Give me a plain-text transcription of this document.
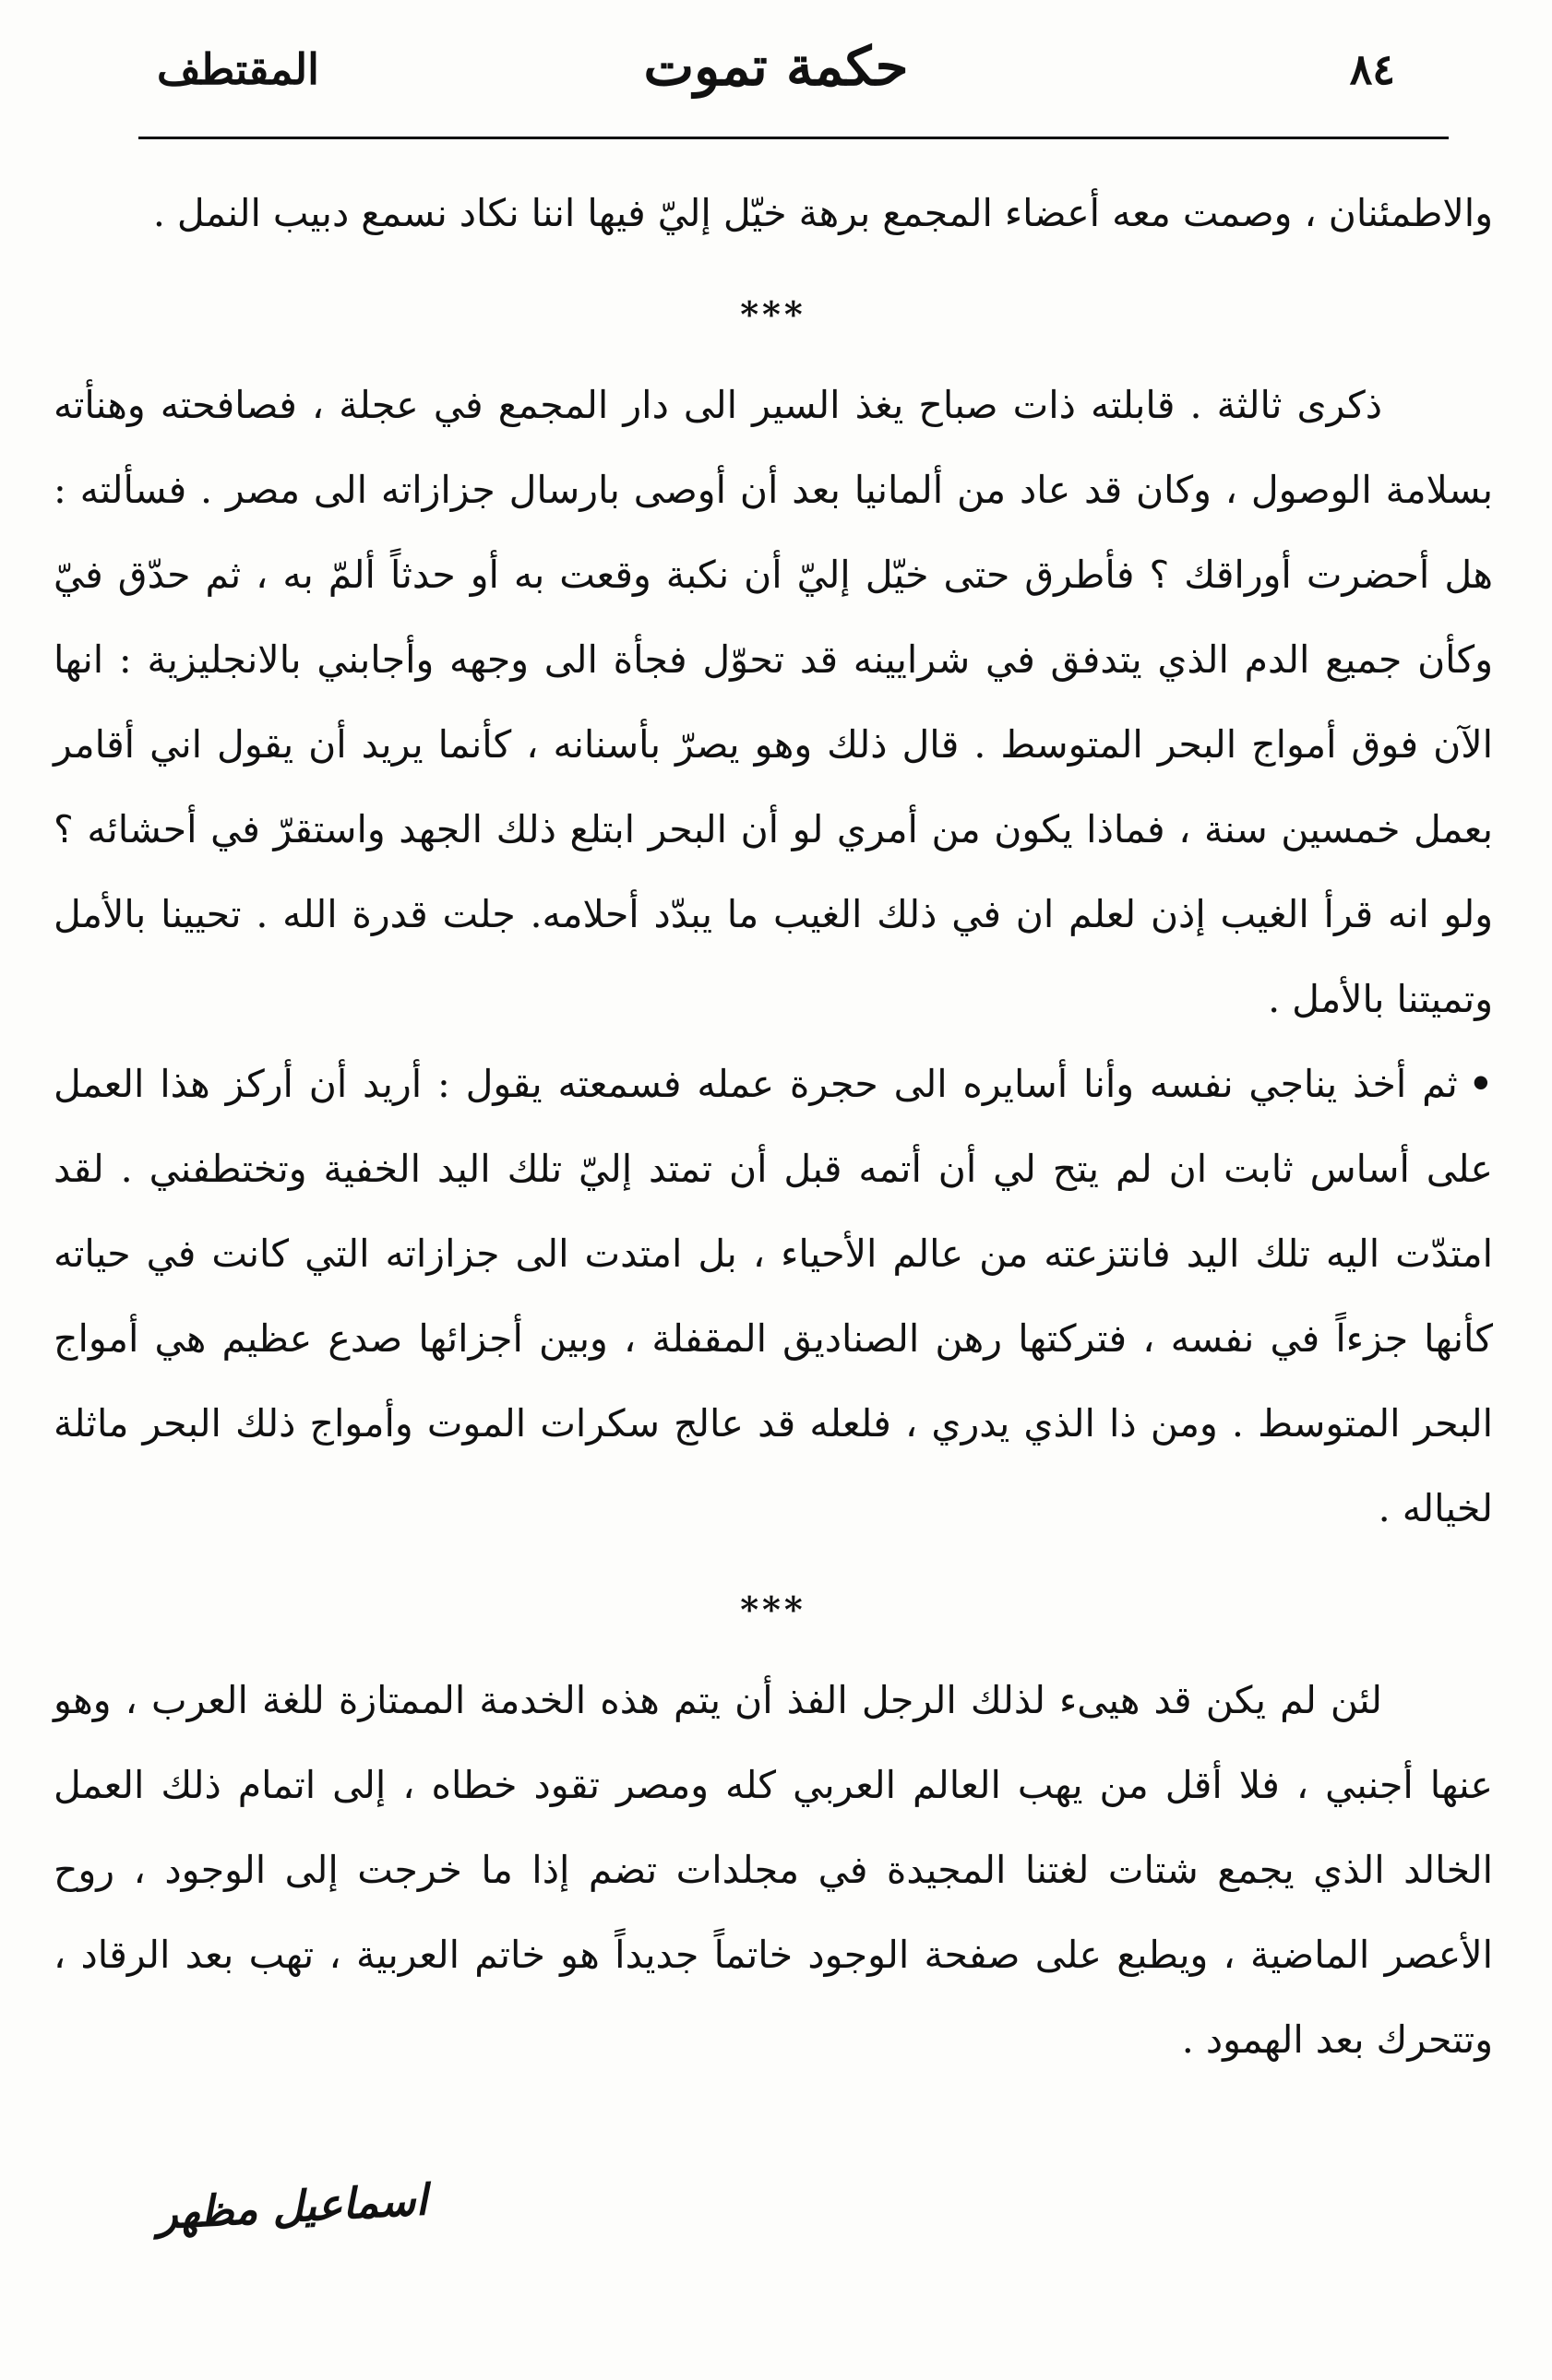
٨٤
حكمة تموت
المقتطف

والاطمئنان ، وصمت معه أعضاء المجمع برهة خيّل إليّ فيها اننا نكاد نسمع دبيب النمل .

***

ذكرى ثالثة . قابلته ذات صباح يغذ السير الى دار المجمع في عجلة ، فصافحته وهنأته بسلامة الوصول ، وكان قد عاد من ألمانيا بعد أن أوصى بارسال جزازاته الى مصر . فسألته : هل أحضرت أوراقك ؟ فأطرق حتى خيّل إليّ أن نكبة وقعت به أو حدثاً ألمّ به ، ثم حدّق فيّ وكأن جميع الدم الذي يتدفق في شرايينه قد تحوّل فجأة الى وجهه وأجابني بالانجليزية : انها الآن فوق أمواج البحر المتوسط . قال ذلك وهو يصرّ بأسنانه ، كأنما يريد أن يقول اني أقامر بعمل خمسين سنة ، فماذا يكون من أمري لو أن البحر ابتلع ذلك الجهد واستقرّ في أحشائه ؟ ولو انه قرأ الغيب إذن لعلم ان في ذلك الغيب ما يبدّد أحلامه. جلت قدرة الله . تحيينا بالأمل وتميتنا بالأمل .

•ثم أخذ يناجي نفسه وأنا أسايره الى حجرة عمله فسمعته يقول : أريد أن أركز هذا العمل على أساس ثابت ان لم يتح لي أن أتمه قبل أن تمتد إليّ تلك اليد الخفية وتختطفني . لقد امتدّت اليه تلك اليد فانتزعته من عالم الأحياء ، بل امتدت الى جزازاته التي كانت في حياته كأنها جزءاً في نفسه ، فتركتها رهن الصناديق المقفلة ، وبين أجزائها صدع عظيم هي أمواج البحر المتوسط . ومن ذا الذي يدري ، فلعله قد عالج سكرات الموت وأمواج ذلك البحر ماثلة لخياله .

***

لئن لم يكن قد هيىء لذلك الرجل الفذ أن يتم هذه الخدمة الممتازة للغة العرب ، وهو عنها أجنبي ، فلا أقل من يهب العالم العربي كله ومصر تقود خطاه ، إلى اتمام ذلك العمل الخالد الذي يجمع شتات لغتنا المجيدة في مجلدات تضم إذا ما خرجت إلى الوجود ، روح الأعصر الماضية ، ويطبع على صفحة الوجود خاتماً جديداً هو خاتم العربية ، تهب بعد الرقاد ، وتتحرك بعد الهمود .

اسماعيل مظهر
